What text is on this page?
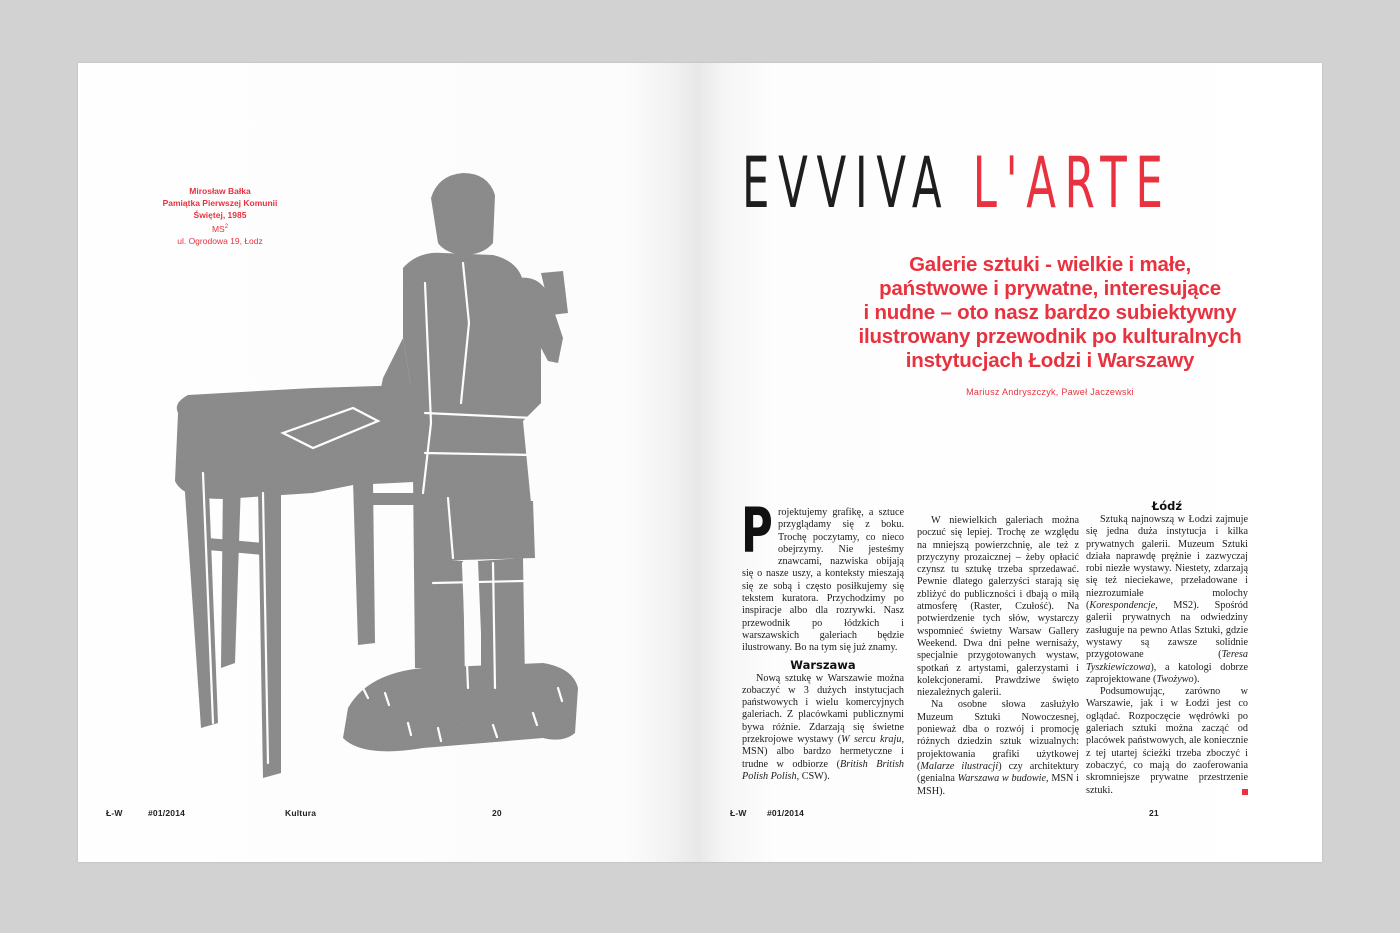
Mirosław Bałka
Pamiątka Pierwszej Komunii
Świętej, 1985
$MS^2$
ul. Ogrodowa 19, Łodz
Ł-W	#01/2014	Kultura	20
EVVIVA L'ARTE
Galerie sztuki - wielkie i małe,
państwowe i prywatne, interesujące
i nudne – oto nasz bardzo subiektywny
ilustrowany przewodnik po kulturalnych
instytucjach Łodzi i Warszawy
Mariusz Andryszczyk, Paweł Jaczewski

Projektujemy grafikę, a sztuce przyglądamy się z boku. Trochę poczytamy, co nieco obejrzymy. Nie jesteśmy znawcami, nazwiska obijają się o nasze uszy, a konteksty mieszają się ze sobą i często posiłkujemy się tekstem kuratora. Przychodzimy po inspiracje albo dla rozrywki. Nasz przewodnik po łódzkich i warszawskich galeriach będzie ilustrowany. Bo na tym się już znamy.

Warszawa

Nową sztukę w Warszawie można zobaczyć w 3 dużych instytucjach państwowych i wielu komercyjnych galeriach. Z placówkami publicznymi bywa różnie. Zdarzają się świetne przekrojowe wystawy (W sercu kraju, MSN) albo bardzo hermetyczne i trudne w odbiorze (British British Polish Polish, CSW).

W niewielkich galeriach można poczuć się lepiej. Trochę ze względu na mniejszą powierzchnię, ale też z przyczyny prozaicznej – żeby opłacić czynsz tu sztukę trzeba sprzedawać. Pewnie dlatego galerzyści starają się zbliżyć do publiczności i dbają o miłą atmosferę (Raster, Czułość). Na potwierdzenie tych słów, wystarczy wspomnieć świetny Warsaw Gallery Weekend. Dwa dni pełne wernisaży, specjalnie przygotowanych wystaw, spotkań z artystami, galerzystami i kolekcjonerami. Prawdziwe święto niezależnych galerii.

Na osobne słowa zasłużyło Muzeum Sztuki Nowoczesnej, ponieważ dba o rozwój i promocję różnych dziedzin sztuk wizualnych: projektowania grafiki użytkowej (Malarze ilustracji) czy architektury (genialna Warszawa w budowie, MSN i MSH).

Łódź

Sztuką najnowszą w Łodzi zajmuje się jedna duża instytucja i kilka prywatnych galerii. Muzeum Sztuki działa naprawdę prężnie i zazwyczaj robi niezłe wystawy. Niestety, zdarzają się też nieciekawe, przeładowane i niezrozumiałe molochy (Korespondencje, MS2). Spośród galerii prywatnych na odwiedziny zasługuje na pewno Atlas Sztuki, gdzie wystawy są zawsze solidnie przygotowane (Teresa Tyszkiewiczowa), a katologi dobrze zaprojektowane (Twożywo).

Podsumowując, zarówno w Warszawie, jak i w Łodzi jest co oglądać. Rozpoczęcie wędrówki po galeriach sztuki można zacząć od placówek państwowych, ale koniecznie z tej utartej ścieżki trzeba zboczyć i zobaczyć, co mają do zaoferowania skromniejsze prywatne przestrzenie sztuki.

Ł-W #01/2014	21
